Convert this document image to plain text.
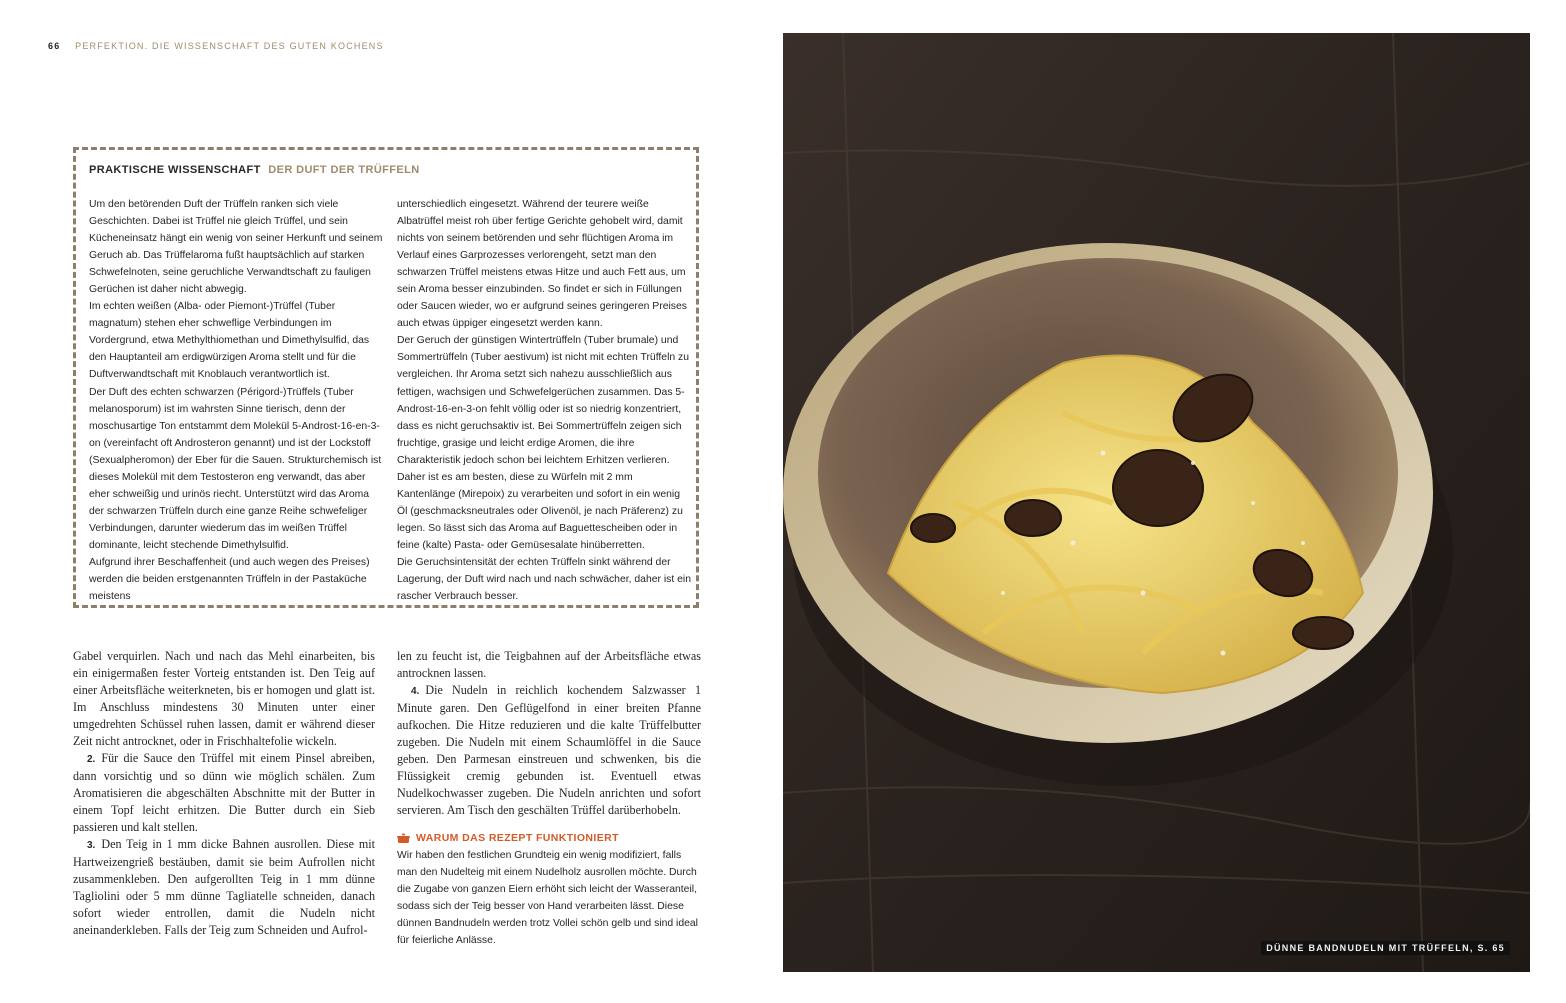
66 PERFEKTION. DIE WISSENSCHAFT DES GUTEN KOCHENS
PRAKTISCHE WISSENSCHAFT DER DUFT DER TRÜFFELN

Um den betörenden Duft der Trüffeln ranken sich viele Geschichten. Dabei ist Trüffel nie gleich Trüffel, und sein Kücheneinsatz hängt ein wenig von seiner Herkunft und seinem Geruch ab. Das Trüffelaroma fußt hauptsächlich auf starken Schwefelnoten, seine geruchliche Verwandtschaft zu fauligen Gerüchen ist daher nicht abwegig.

Im echten weißen (Alba- oder Piemont-)Trüffel (Tuber magnatum) stehen eher schweflige Verbindungen im Vordergrund, etwa Methylthiomethan und Dimethylsulfid, das den Hauptanteil am erdigwürzigen Aroma stellt und für die Duftverwandtschaft mit Knoblauch verantwortlich ist.

Der Duft des echten schwarzen (Périgord-)Trüffels (Tuber melanosporum) ist im wahrsten Sinne tierisch, denn der moschusartige Ton entstammt dem Molekül 5-Androst-16-en-3-on (vereinfacht oft Androsteron genannt) und ist der Lockstoff (Sexualpheromon) der Eber für die Sauen. Strukturchemisch ist dieses Molekül mit dem Testosteron eng verwandt, das aber eher schweißig und urinös riecht. Unterstützt wird das Aroma der schwarzen Trüffeln durch eine ganze Reihe schwefeliger Verbindungen, darunter wiederum das im weißen Trüffel dominante, leicht stechende Dimethylsulfid.

Aufgrund ihrer Beschaffenheit (und auch wegen des Preises) werden die beiden erstgenannten Trüffeln in der Pastaküche meistens

unterschiedlich eingesetzt. Während der teurere weiße Albatrüffel meist roh über fertige Gerichte gehobelt wird, damit nichts von seinem betörenden und sehr flüchtigen Aroma im Verlauf eines Garprozesses verlorengeht, setzt man den schwarzen Trüffel meistens etwas Hitze und auch Fett aus, um sein Aroma besser einzubinden. So findet er sich in Füllungen oder Saucen wieder, wo er aufgrund seines geringeren Preises auch etwas üppiger eingesetzt werden kann.

Der Geruch der günstigen Wintertrüffeln (Tuber brumale) und Sommertrüffeln (Tuber aestivum) ist nicht mit echten Trüffeln zu vergleichen. Ihr Aroma setzt sich nahezu ausschließlich aus fettigen, wachsigen und Schwefelgerüchen zusammen. Das 5-Androst-16-en-3-on fehlt völlig oder ist so niedrig konzentriert, dass es nicht geruchsaktiv ist. Bei Sommertrüffeln zeigen sich fruchtige, grasige und leicht erdige Aromen, die ihre Charakteristik jedoch schon bei leichtem Erhitzen verlieren. Daher ist es am besten, diese zu Würfeln mit 2 mm Kantenlänge (Mirepoix) zu verarbeiten und sofort in ein wenig Öl (geschmacksneutrales oder Olivenöl, je nach Präferenz) zu legen. So lässt sich das Aroma auf Baguettescheiben oder in feine (kalte) Pasta- oder Gemüsesalate hinüberretten.

Die Geruchsintensität der echten Trüffeln sinkt während der Lagerung, der Duft wird nach und nach schwächer, daher ist ein rascher Verbrauch besser.

Gabel verquirlen. Nach und nach das Mehl einarbeiten, bis ein einigermaßen fester Vorteig entstanden ist. Den Teig auf einer Arbeitsfläche weiterkneten, bis er homogen und glatt ist. Im Anschluss mindestens 30 Minuten unter einer umgedrehten Schüssel ruhen lassen, damit er während dieser Zeit nicht antrocknet, oder in Frischhaltefolie wickeln.

2. Für die Sauce den Trüffel mit einem Pinsel abreiben, dann vorsichtig und so dünn wie möglich schälen. Zum Aromatisieren die abgeschälten Abschnitte mit der Butter in einem Topf leicht erhitzen. Die Butter durch ein Sieb passieren und kalt stellen.

3. Den Teig in 1 mm dicke Bahnen ausrollen. Diese mit Hartweizengrieß bestäuben, damit sie beim Aufrollen nicht zusammenkleben. Den aufgerollten Teig in 1 mm dünne Tagliolini oder 5 mm dünne Tagliatelle schneiden, danach sofort wieder entrollen, damit die Nudeln nicht aneinanderkleben. Falls der Teig zum Schneiden und Aufrol-

len zu feucht ist, die Teigbahnen auf der Arbeitsfläche etwas antrocknen lassen.

4. Die Nudeln in reichlich kochendem Salzwasser 1 Minute garen. Den Geflügelfond in einer breiten Pfanne aufkochen. Die Hitze reduzieren und die kalte Trüffelbutter zugeben. Die Nudeln mit einem Schaumlöffel in die Sauce geben. Den Parmesan einstreuen und schwenken, bis die Flüssigkeit cremig gebunden ist. Eventuell etwas Nudelkochwasser zugeben. Die Nudeln anrichten und sofort servieren. Am Tisch den geschälten Trüffel darüberhobeln.

WARUM DAS REZEPT FUNKTIONIERT

Wir haben den festlichen Grundteig ein wenig modifiziert, falls man den Nudelteig mit einem Nudelholz ausrollen möchte. Durch die Zugabe von ganzen Eiern erhöht sich leicht der Wasseranteil, sodass sich der Teig besser von Hand verarbeiten lässt. Diese dünnen Bandnudeln werden trotz Vollei schön gelb und sind ideal für feierliche Anlässe.

DÜNNE BANDNUDELN MIT TRÜFFELN, S. 65
